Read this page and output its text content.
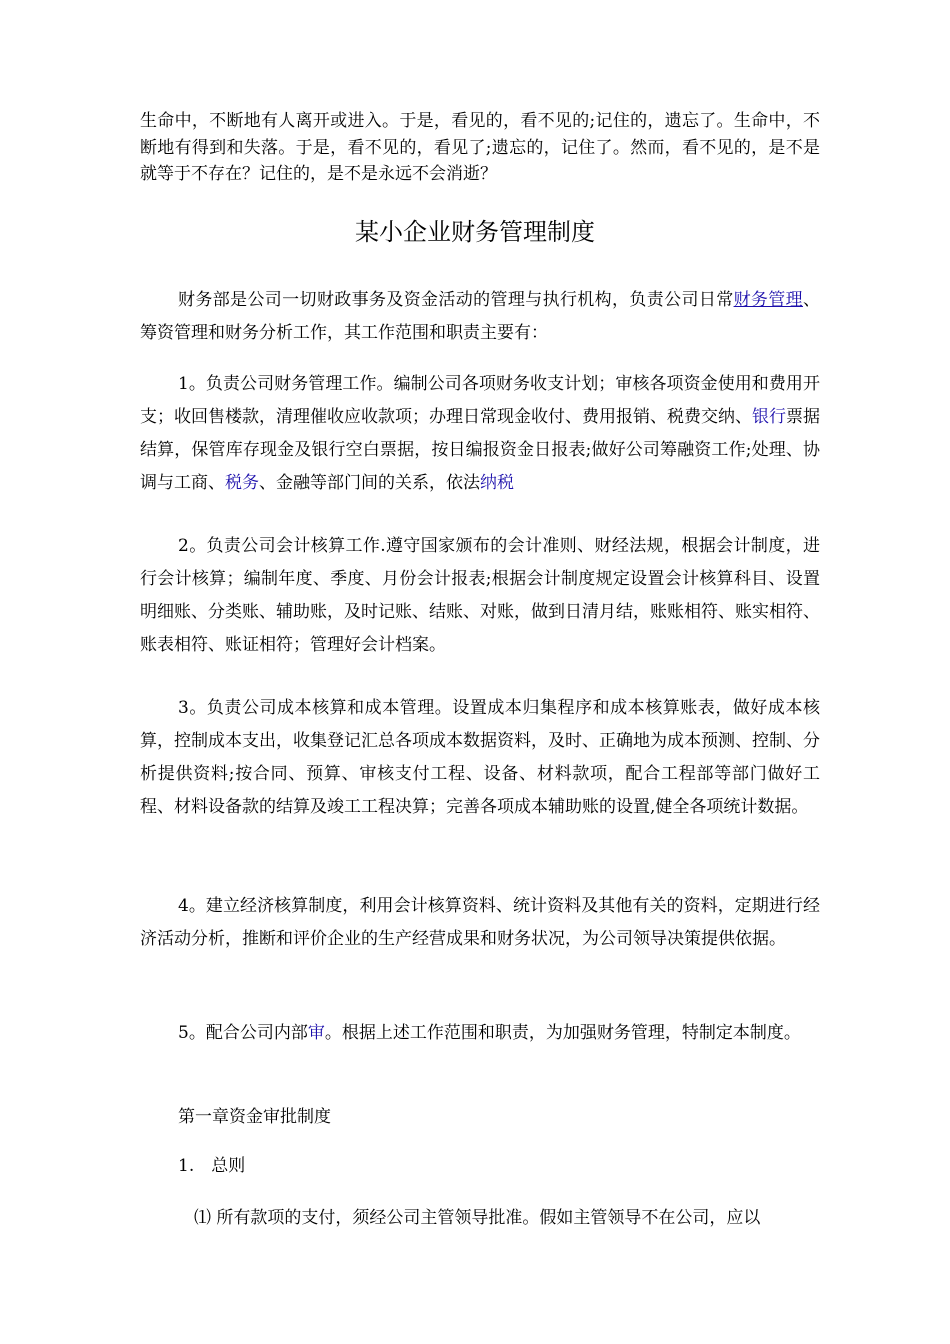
生命中，不断地有人离开或进入。于是，看见的，看不见的;记住的，遗忘了。生命中，不断地有得到和失落。于是，看不见的，看见了;遗忘的，记住了。然而，看不见的，是不是就等于不存在？记住的，是不是永远不会消逝？

某小企业财务管理制度

财务部是公司一切财政事务及资金活动的管理与执行机构，负责公司日常财务管理、筹资管理和财务分析工作，其工作范围和职责主要有：

1。负责公司财务管理工作。编制公司各项财务收支计划；审核各项资金使用和费用开支；收回售楼款，清理催收应收款项；办理日常现金收付、费用报销、税费交纳、银行票据结算，保管库存现金及银行空白票据，按日编报资金日报表;做好公司筹融资工作;处理、协调与工商、税务、金融等部门间的关系，依法纳税

2。负责公司会计核算工作.遵守国家颁布的会计准则、财经法规，根据会计制度，进行会计核算；编制年度、季度、月份会计报表;根据会计制度规定设置会计核算科目、设置明细账、分类账、辅助账，及时记账、结账、对账，做到日清月结，账账相符、账实相符、账表相符、账证相符；管理好会计档案。

3。负责公司成本核算和成本管理。设置成本归集程序和成本核算账表，做好成本核算，控制成本支出，收集登记汇总各项成本数据资料，及时、正确地为成本预测、控制、分析提供资料;按合同、预算、审核支付工程、设备、材料款项，配合工程部等部门做好工程、材料设备款的结算及竣工工程决算；完善各项成本辅助账的设置,健全各项统计数据。

4。建立经济核算制度，利用会计核算资料、统计资料及其他有关的资料，定期进行经济活动分析，推断和评价企业的生产经营成果和财务状况，为公司领导决策提供依据。

5。配合公司内部审。根据上述工作范围和职责，为加强财务管理，特制定本制度。

第一章资金审批制度

1.　总则

⑴ 所有款项的支付，须经公司主管领导批准。假如主管领导不在公司，应以
